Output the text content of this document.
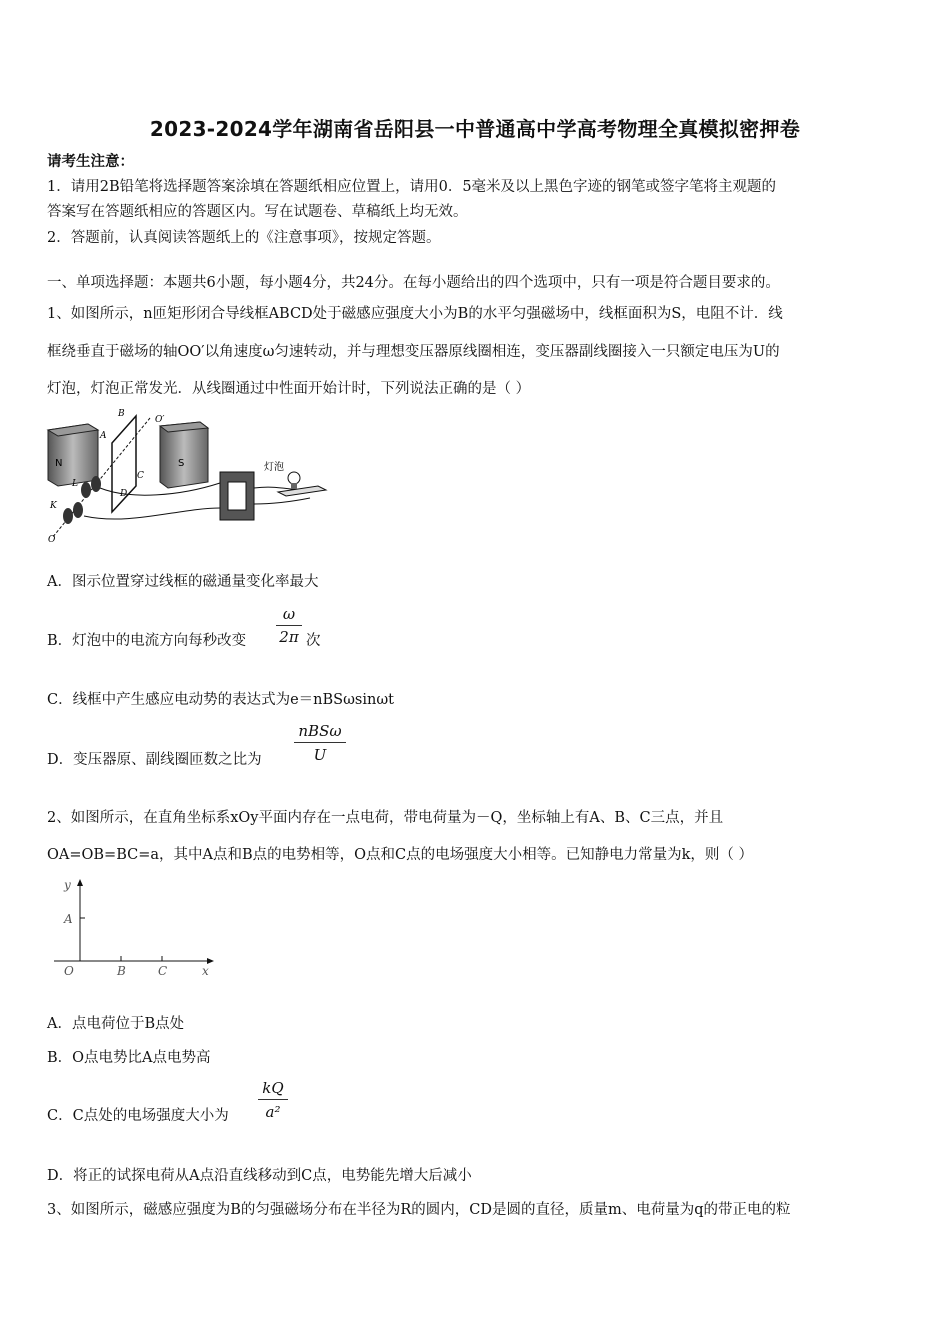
2023-2024学年湖南省岳阳县一中普通高中学高考物理全真模拟密押卷
请考生注意：
1．请用2B铅笔将选择题答案涂填在答题纸相应位置上，请用0．5毫米及以上黑色字迹的钢笔或签字笔将主观题的
答案写在答题纸相应的答题区内。写在试题卷、草稿纸上均无效。
2．答题前，认真阅读答题纸上的《注意事项》，按规定答题。
一、单项选择题：本题共6小题，每小题4分，共24分。在每小题给出的四个选项中，只有一项是符合题目要求的。
1、如图所示，n匝矩形闭合导线框ABCD处于磁感应强度大小为B的水平匀强磁场中，线框面积为S，电阻不计．线
框绕垂直于磁场的轴OO′以角速度ω匀速转动，并与理想变压器原线圈相连，变压器副线圈接入一只额定电压为U的
灯泡，灯泡正常发光．从线圈通过中性面开始计时，下列说法正确的是（ ）
N	S	灯泡
B
O′
A
C
L
D
K
O
A．图示位置穿过线框的磁通量变化率最大
B．灯泡中的电流方向每秒改变
ω
2π 次
C．线框中产生感应电动势的表达式为e＝nBSωsinωt
D．变压器原、副线圈匝数之比为
nBSω
U
2、如图所示，在直角坐标系xOy平面内存在一点电荷，带电荷量为－Q，坐标轴上有A、B、C三点，并且
OA=OB=BC=a，其中A点和B点的电势相等，O点和C点的电场强度大小相等。已知静电力常量为k，则（ ）
y
A
O	B	C	x
A．点电荷位于B点处
B．O点电势比A点电势高
C．C点处的电场强度大小为
kQ
a²
D．将正的试探电荷从A点沿直线移动到C点，电势能先增大后减小
3、如图所示，磁感应强度为B的匀强磁场分布在半径为R的圆内，CD是圆的直径，质量m、电荷量为q的带正电的粒
